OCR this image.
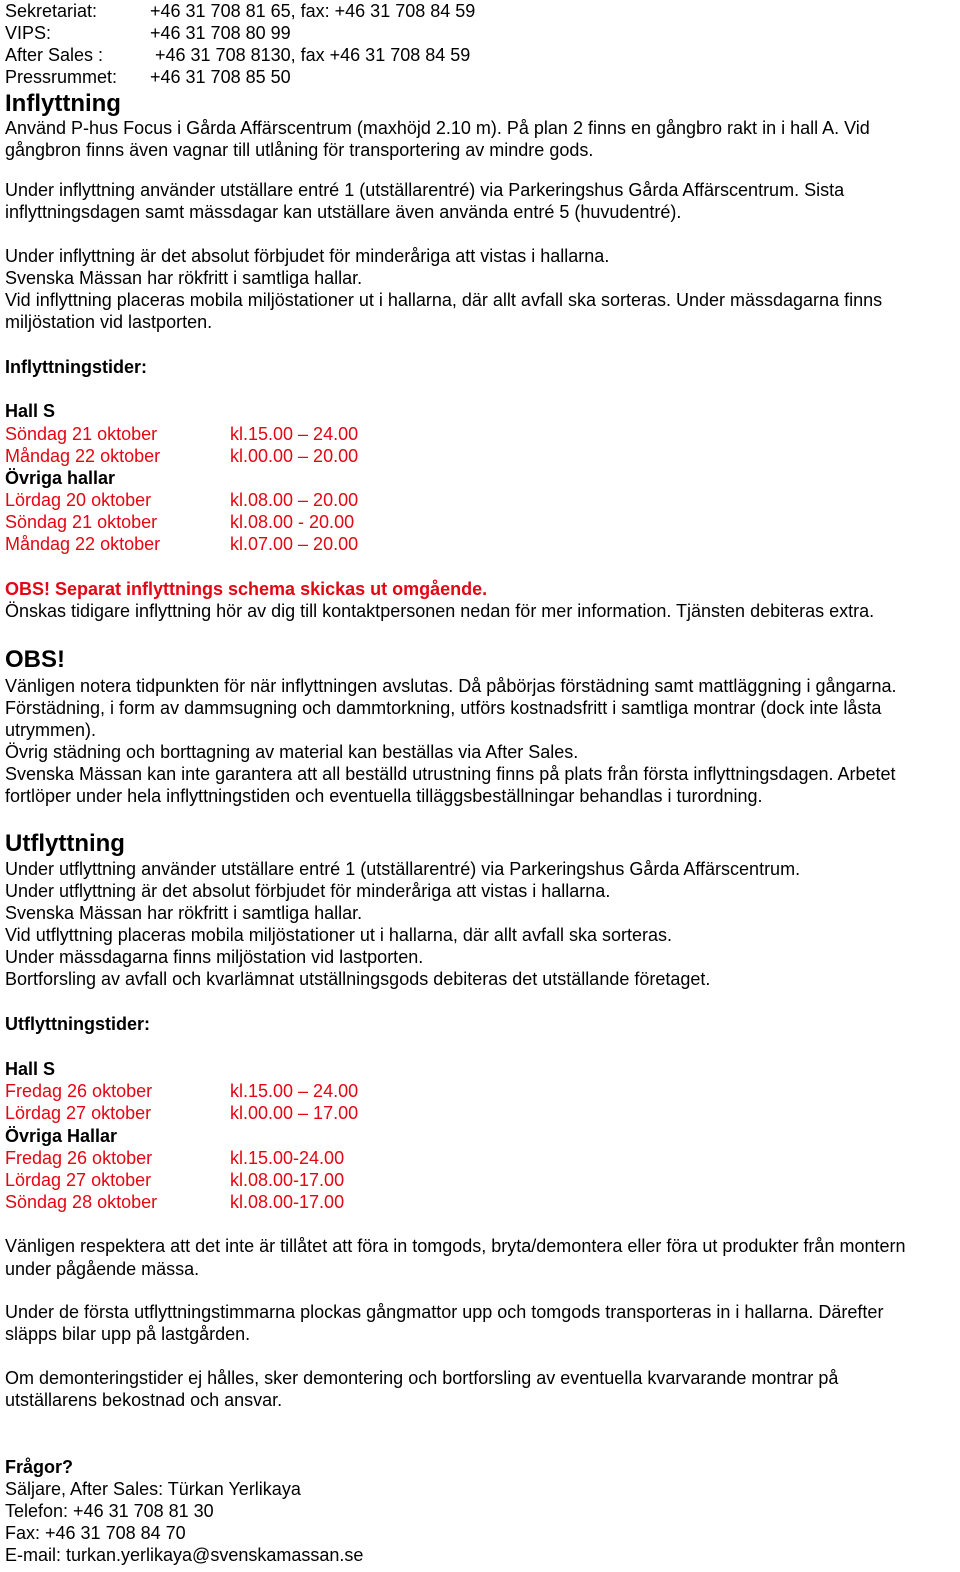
Sekretariat:	+46 31 708 81 65, fax: +46 31 708 84 59
VIPS:	+46 31 708 80 99
After Sales :	+46 31 708 8130, fax +46 31 708 84 59
Pressrummet: +46 31 708 85 50
Inflyttning
Använd P-hus Focus i Gårda Affärscentrum (maxhöjd 2.10 m). På plan 2 finns en gångbro rakt in i hall A. Vid
gångbron finns även vagnar till utlåning för transportering av mindre gods.
Under inflyttning använder utställare entré 1 (utställarentré) via Parkeringshus Gårda Affärscentrum. Sista
inflyttningsdagen samt mässdagar kan utställare även använda entré 5 (huvudentré).
Under inflyttning är det absolut förbjudet för minderåriga att vistas i hallarna.
Svenska Mässan har rökfritt i samtliga hallar.
Vid inflyttning placeras mobila miljöstationer ut i hallarna, där allt avfall ska sorteras. Under mässdagarna finns
miljöstation vid lastporten.
Inflyttningstider:
Hall S
Söndag 21 oktober	kl.15.00 – 24.00
Måndag 22 oktober	kl.00.00 – 20.00
Övriga hallar
Lördag 20 oktober	kl.08.00 – 20.00
Söndag 21 oktober	kl.08.00 - 20.00
Måndag 22 oktober	kl.07.00 – 20.00
OBS! Separat inflyttnings schema skickas ut omgående.
Önskas tidigare inflyttning hör av dig till kontaktpersonen nedan för mer information. Tjänsten debiteras extra.
OBS!
Vänligen notera tidpunkten för när inflyttningen avslutas. Då påbörjas förstädning samt mattläggning i gångarna.
Förstädning, i form av dammsugning och dammtorkning, utförs kostnadsfritt i samtliga montrar (dock inte låsta
utrymmen).
Övrig städning och borttagning av material kan beställas via After Sales.
Svenska Mässan kan inte garantera att all beställd utrustning finns på plats från första inflyttningsdagen. Arbetet
fortlöper under hela inflyttningstiden och eventuella tilläggsbeställningar behandlas i turordning.
Utflyttning
Under utflyttning använder utställare entré 1 (utställarentré) via Parkeringshus Gårda Affärscentrum.
Under utflyttning är det absolut förbjudet för minderåriga att vistas i hallarna.
Svenska Mässan har rökfritt i samtliga hallar.
Vid utflyttning placeras mobila miljöstationer ut i hallarna, där allt avfall ska sorteras.
Under mässdagarna finns miljöstation vid lastporten.
Bortforsling av avfall och kvarlämnat utställningsgods debiteras det utställande företaget.
Utflyttningstider:
Hall S
Fredag 26 oktober	kl.15.00 – 24.00
Lördag 27 oktober	kl.00.00 – 17.00
Övriga Hallar
Fredag 26 oktober	kl.15.00-24.00
Lördag 27 oktober	kl.08.00-17.00
Söndag 28 oktober	kl.08.00-17.00
Vänligen respektera att det inte är tillåtet att föra in tomgods, bryta/demontera eller föra ut produkter från montern
under pågående mässa.
Under de första utflyttningstimmarna plockas gångmattor upp och tomgods transporteras in i hallarna. Därefter
släpps bilar upp på lastgården.
Om demonteringstider ej hålles, sker demontering och bortforsling av eventuella kvarvarande montrar på
utställarens bekostnad och ansvar.
Frågor?
Säljare, After Sales: Türkan Yerlikaya
Telefon: +46 31 708 81 30
Fax: +46 31 708 84 70
E-mail: turkan.yerlikaya@svenskamassan.se
